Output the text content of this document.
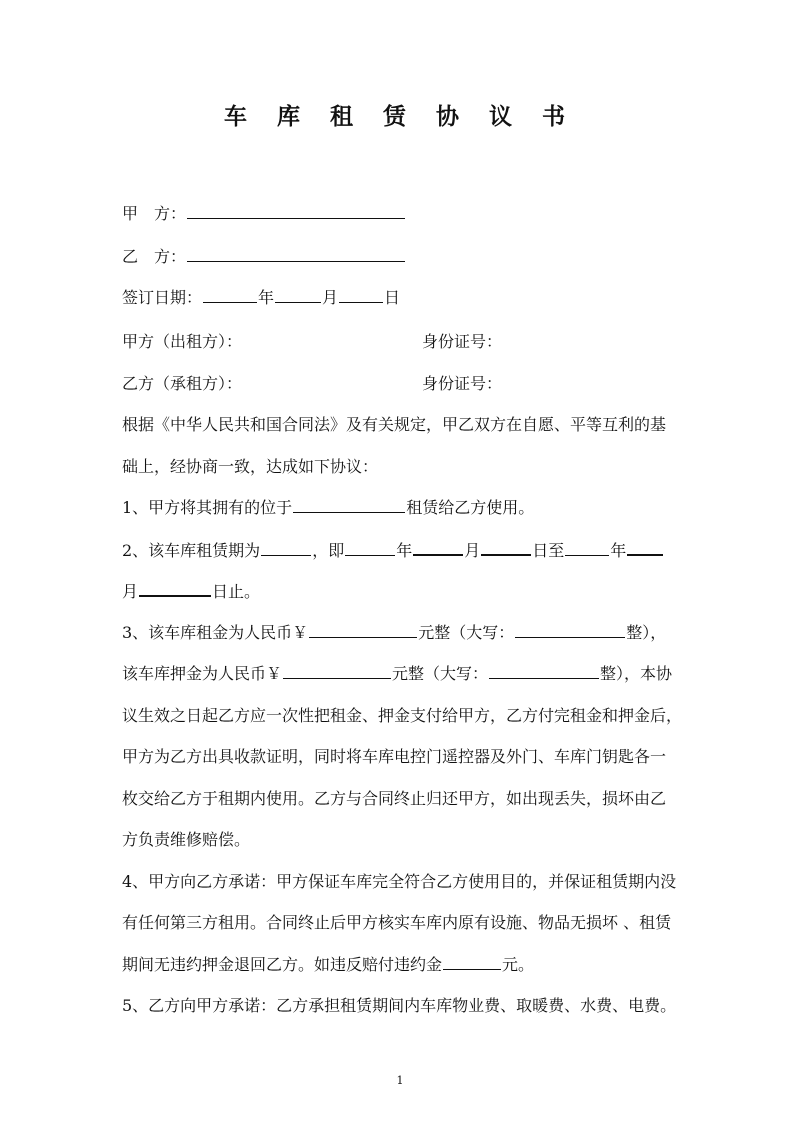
车 库 租 赁 协 议 书
甲　方：
乙　方：
签订日期：	年	月	日
甲方（出租方）：	身份证号：
乙方（承租方）：	身份证号：
根据《中华人民共和国合同法》及有关规定，甲乙双方在自愿、平等互利的基
础上，经协商一致，达成如下协议：
1、甲方将其拥有的位于	租赁给乙方使用。
2、该车库租赁期为	，即	年	月	日至	年
月	日止。
3、该车库租金为人民币￥	元整（大写：	整），
该车库押金为人民币￥	元整（大写：	整），本协
议生效之日起乙方应一次性把租金、押金支付给甲方，乙方付完租金和押金后，
甲方为乙方出具收款证明，同时将车库电控门遥控器及外门、车库门钥匙各一
枚交给乙方于租期内使用。乙方与合同终止归还甲方，如出现丢失，损坏由乙
方负责维修赔偿。
4、甲方向乙方承诺：甲方保证车库完全符合乙方使用目的，并保证租赁期内没
有任何第三方租用。合同终止后甲方核实车库内原有设施、物品无损坏 、租赁
期间无违约押金退回乙方。如违反赔付违约金	元。
5、乙方向甲方承诺：乙方承担租赁期间内车库物业费、取暖费、水费、电费。
1
